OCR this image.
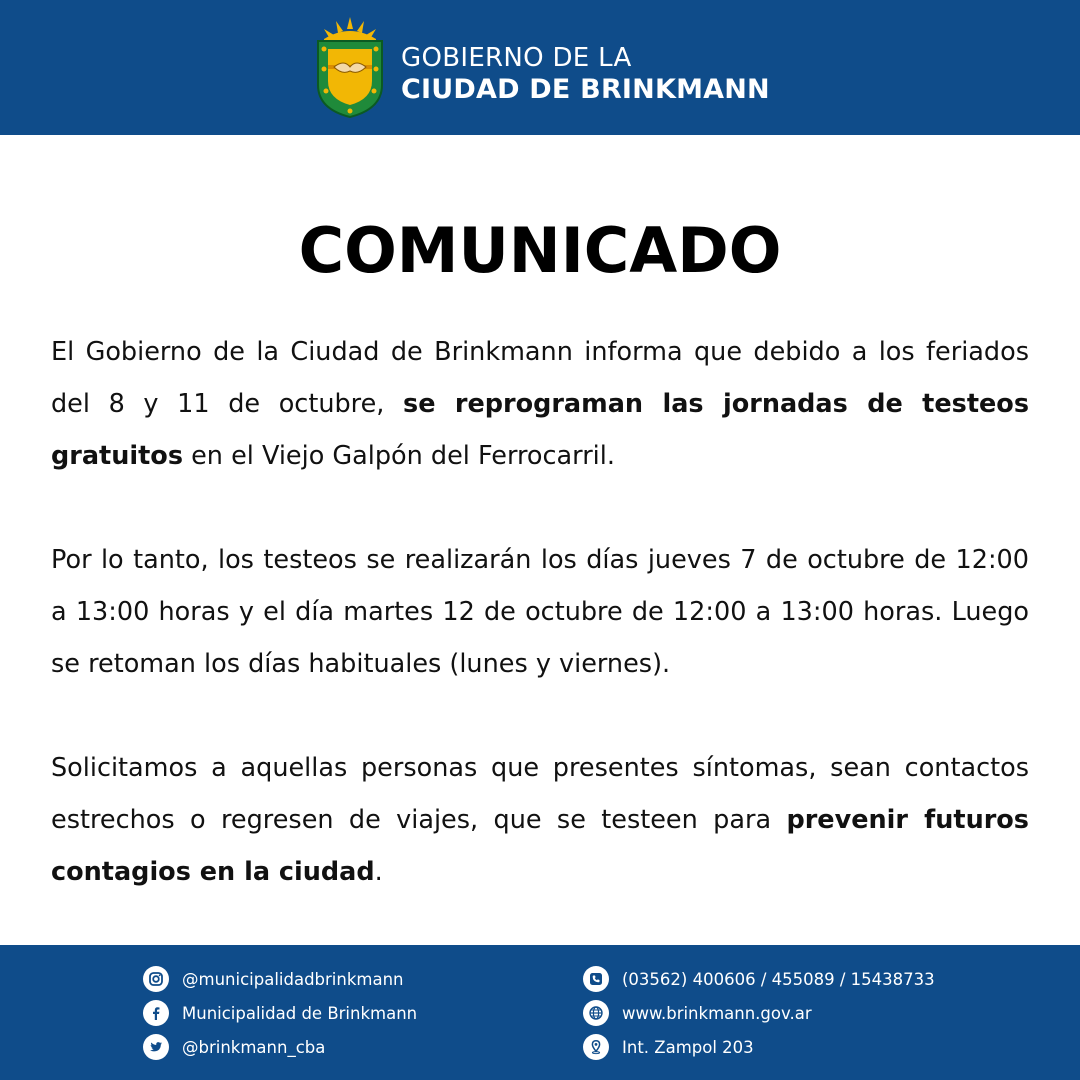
GOBIERNO DE LA
CIUDAD DE BRINKMANN
COMUNICADO

El Gobierno de la Ciudad de Brinkmann informa que debido a los feriados del 8 y 11 de octubre, se reprograman las jornadas de testeos gratuitos en el Viejo Galpón del Ferrocarril.

Por lo tanto, los testeos se realizarán los días jueves 7 de octubre de 12:00 a 13:00 horas y el día martes 12 de octubre de 12:00 a 13:00 horas. Luego se retoman los días habituales (lunes y viernes).

Solicitamos a aquellas personas que presentes síntomas, sean contactos estrechos o regresen de viajes, que se testeen para prevenir futuros contagios en la ciudad.

@municipalidadbrinkmann
Municipalidad de Brinkmann
@brinkmann_cba
(03562) 400606 / 455089 / 15438733
www.brinkmann.gov.ar
Int. Zampol 203
